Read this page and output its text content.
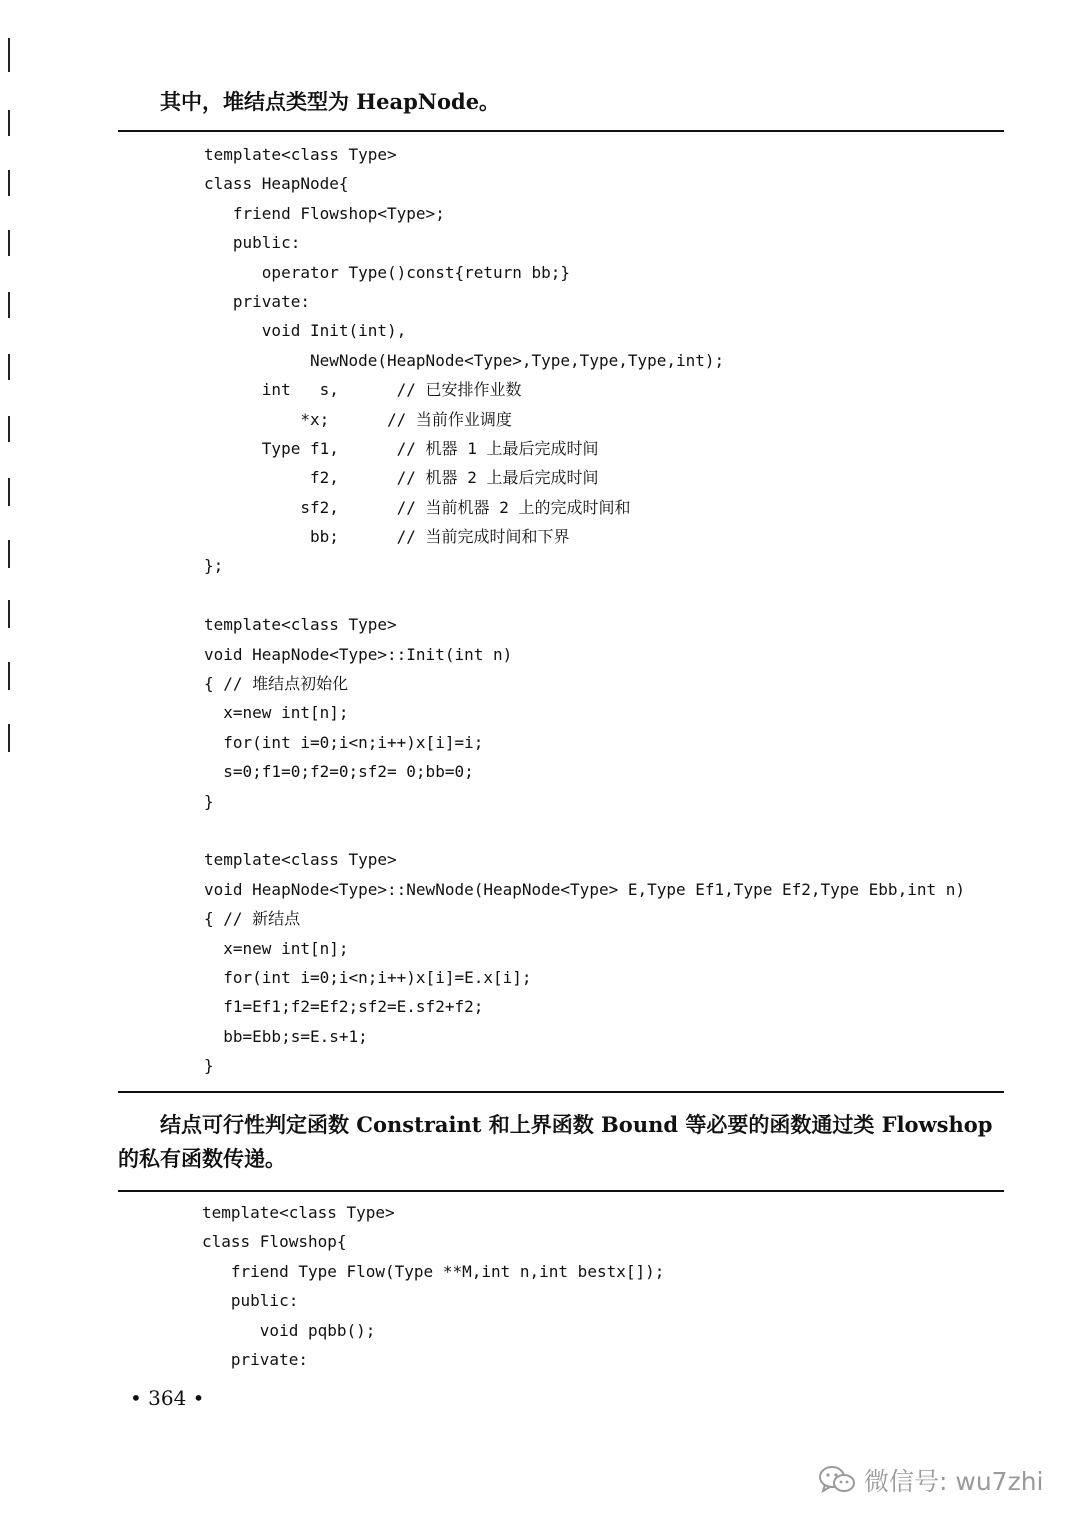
其中，堆结点类型为 HeapNode。

template<class Type>
class HeapNode{
friend Flowshop<Type>;
public:
operator Type()const{return bb;}
private:
void Init(int),
NewNode(HeapNode<Type>,Type,Type,Type,int);
int   s,      // 已安排作业数
*x;      // 当前作业调度
Type f1,      // 机器 1 上最后完成时间
f2,      // 机器 2 上最后完成时间
sf2,      // 当前机器 2 上的完成时间和
bb;      // 当前完成时间和下界
};
template<class Type>
void HeapNode<Type>::Init(int n)
{ // 堆结点初始化
x=new int[n];
for(int i=0;i<n;i++)x[i]=i;
s=0;f1=0;f2=0;sf2= 0;bb=0;
}
template<class Type>
void HeapNode<Type>::NewNode(HeapNode<Type> E,Type Ef1,Type Ef2,Type Ebb,int n)
{ // 新结点
x=new int[n];
for(int i=0;i<n;i++)x[i]=E.x[i];
f1=Ef1;f2=Ef2;sf2=E.sf2+f2;
bb=Ebb;s=E.s+1;
}

结点可行性判定函数 Constraint 和上界函数 Bound 等必要的函数通过类 Flowshop 的私有函数传递。

template<class Type>
class Flowshop{
friend Type Flow(Type **M,int n,int bestx[]);
public:
void pqbb();
private:
• 364 •
微信号: wu7zhi
